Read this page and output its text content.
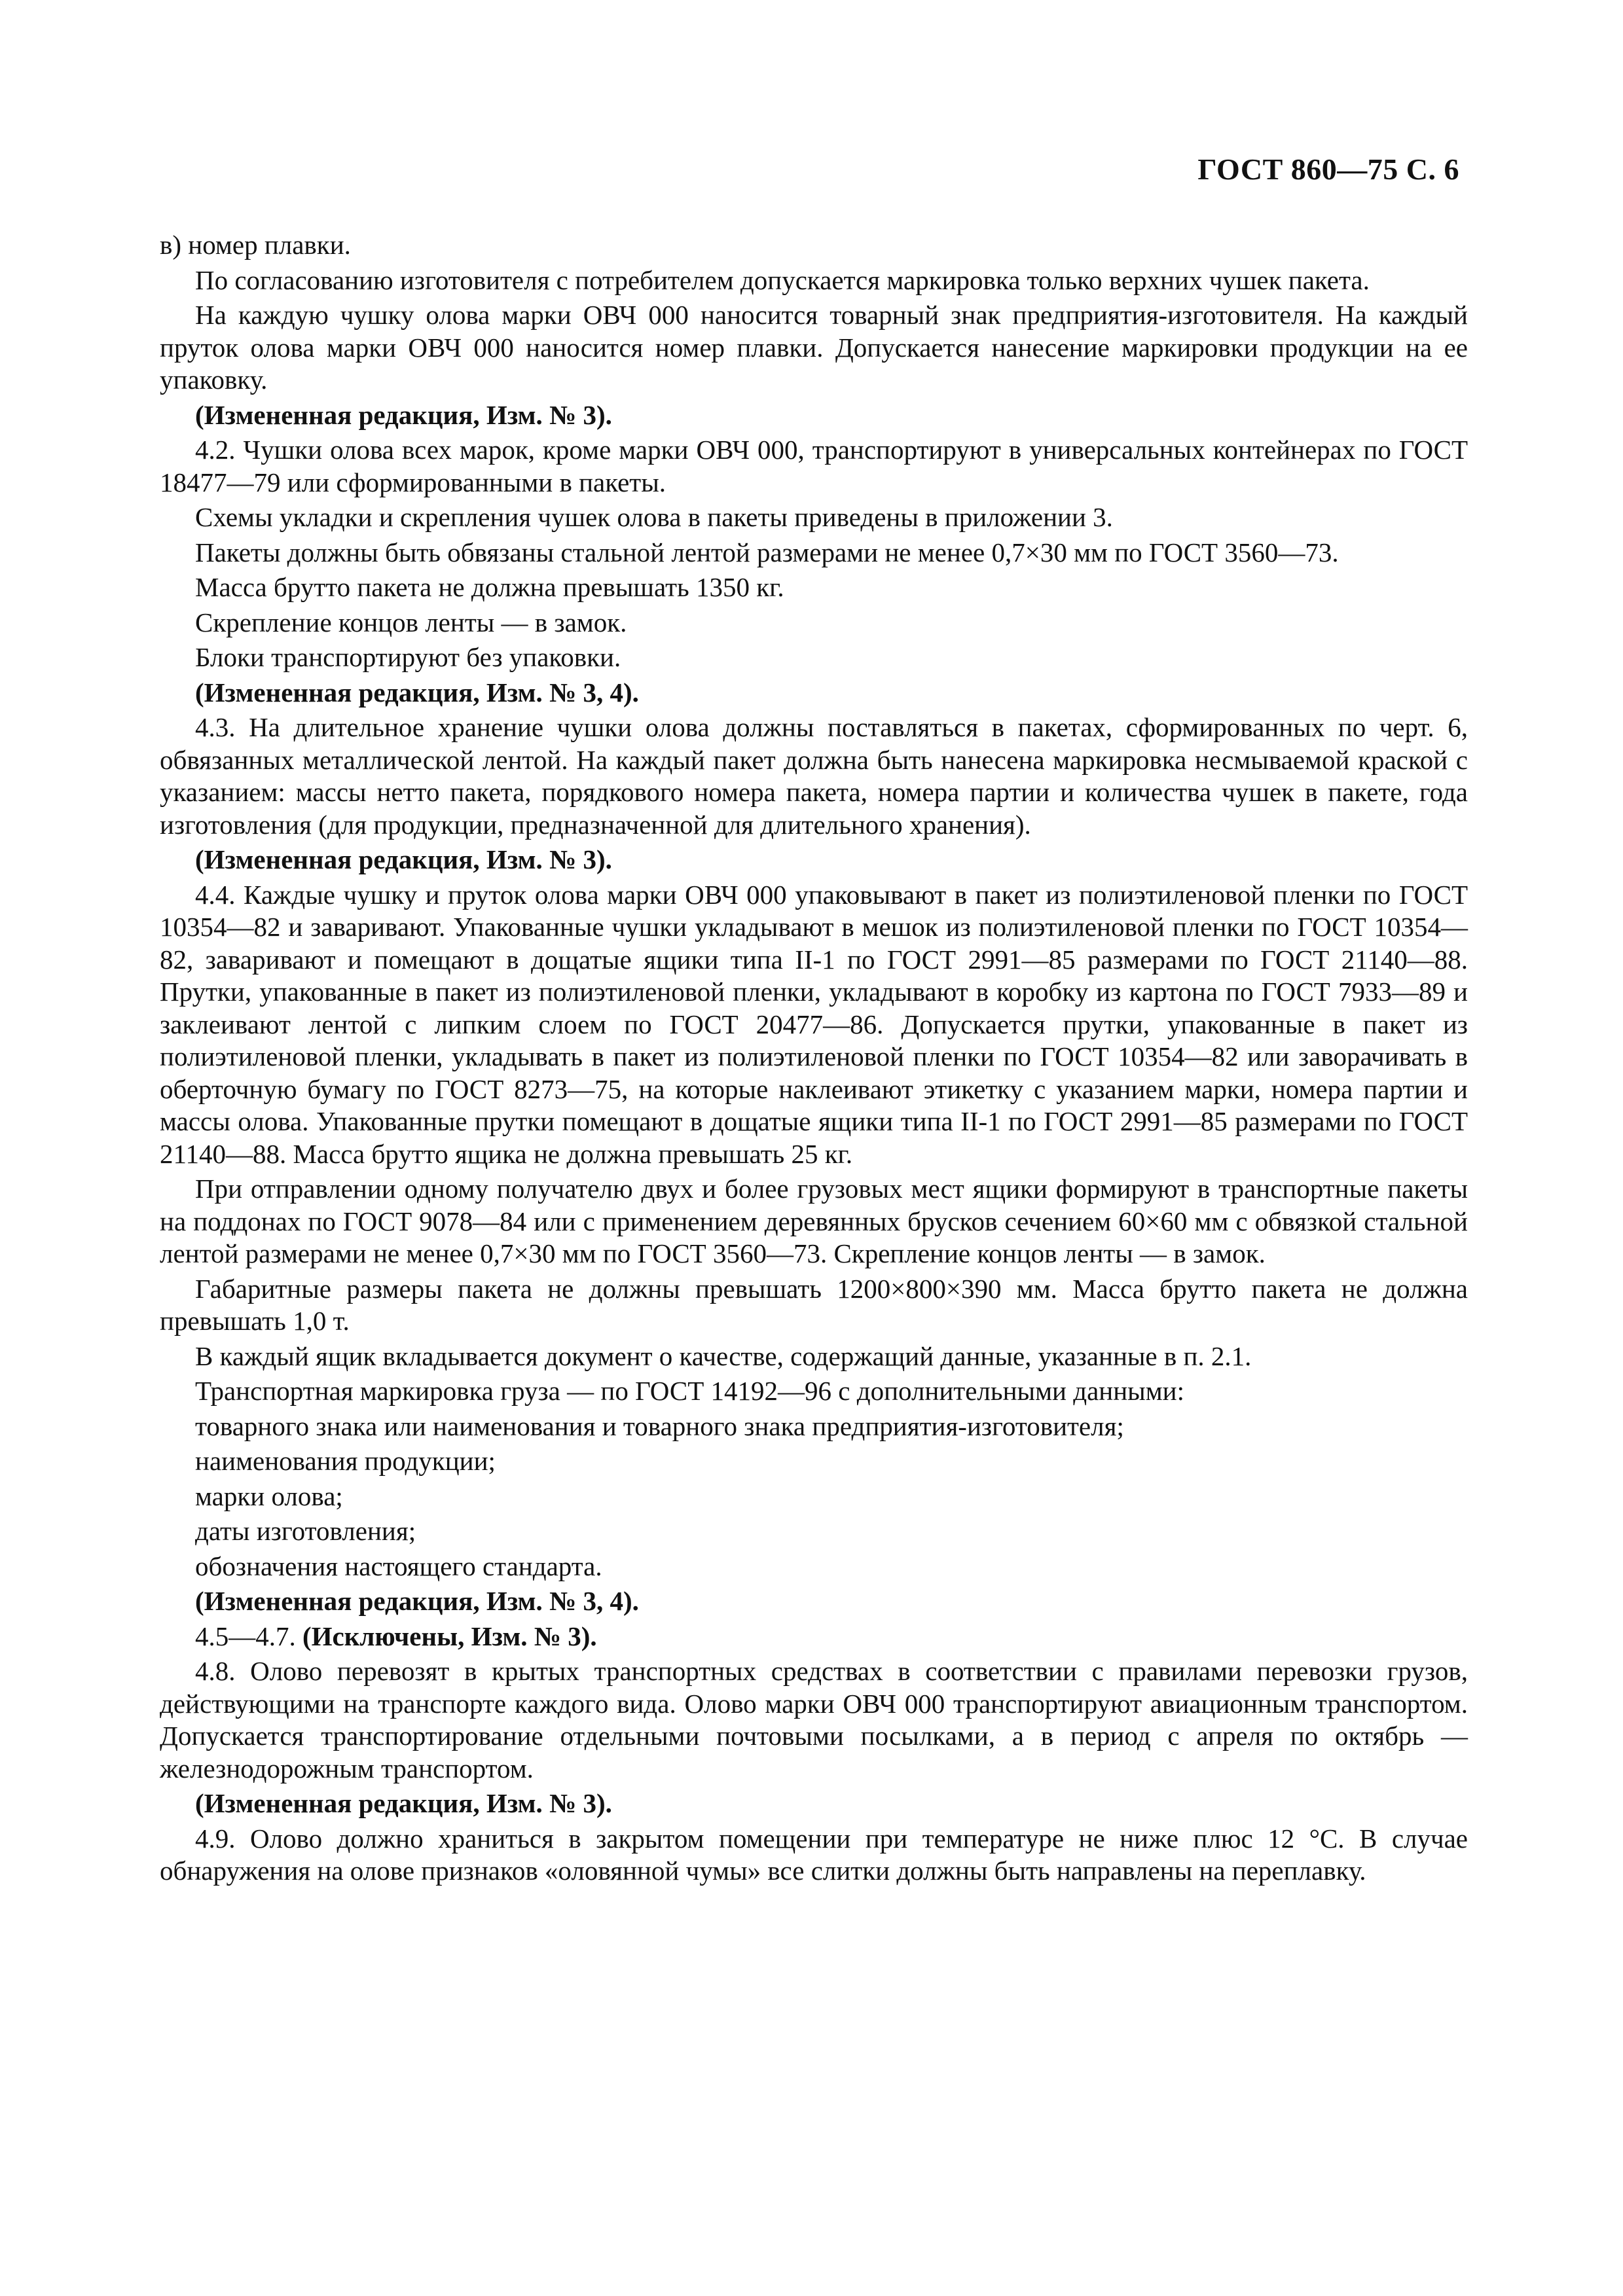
ГОСТ 860—75 С. 6

в) номер плавки.

По согласованию изготовителя с потребителем допускается маркировка только верхних чушек пакета.

На каждую чушку олова марки ОВЧ 000 наносится товарный знак предприятия-изготовителя. На каждый пруток олова марки ОВЧ 000 наносится номер плавки. Допускается нанесение маркировки продукции на ее упаковку.

(Измененная редакция, Изм. № 3).

4.2. Чушки олова всех марок, кроме марки ОВЧ 000, транспортируют в универсальных контейнерах по ГОСТ 18477—79 или сформированными в пакеты.

Схемы укладки и скрепления чушек олова в пакеты приведены в приложении 3.

Пакеты должны быть обвязаны стальной лентой размерами не менее 0,7×30 мм по ГОСТ 3560—73.

Масса брутто пакета не должна превышать 1350 кг.

Скрепление концов ленты — в замок.

Блоки транспортируют без упаковки.

(Измененная редакция, Изм. № 3, 4).

4.3. На длительное хранение чушки олова должны поставляться в пакетах, сформированных по черт. 6, обвязанных металлической лентой. На каждый пакет должна быть нанесена маркировка несмываемой краской с указанием: массы нетто пакета, порядкового номера пакета, номера партии и количества чушек в пакете, года изготовления (для продукции, предназначенной для длительного хранения).

(Измененная редакция, Изм. № 3).

4.4. Каждые чушку и пруток олова марки ОВЧ 000 упаковывают в пакет из полиэтиленовой пленки по ГОСТ 10354—82 и заваривают. Упакованные чушки укладывают в мешок из полиэтиленовой пленки по ГОСТ 10354—82, заваривают и помещают в дощатые ящики типа II-1 по ГОСТ 2991—85 размерами по ГОСТ 21140—88. Прутки, упакованные в пакет из полиэтиленовой пленки, укладывают в коробку из картона по ГОСТ 7933—89 и заклеивают лентой с липким слоем по ГОСТ 20477—86. Допускается прутки, упакованные в пакет из полиэтиленовой пленки, укладывать в пакет из полиэтиленовой пленки по ГОСТ 10354—82 или заворачивать в оберточную бумагу по ГОСТ 8273—75, на которые наклеивают этикетку с указанием марки, номера партии и массы олова. Упакованные прутки помещают в дощатые ящики типа II-1 по ГОСТ 2991—85 размерами по ГОСТ 21140—88. Масса брутто ящика не должна превышать 25 кг.

При отправлении одному получателю двух и более грузовых мест ящики формируют в транспортные пакеты на поддонах по ГОСТ 9078—84 или с применением деревянных брусков сечением 60×60 мм с обвязкой стальной лентой размерами не менее 0,7×30 мм по ГОСТ 3560—73. Скрепление концов ленты — в замок.

Габаритные размеры пакета не должны превышать 1200×800×390 мм. Масса брутто пакета не должна превышать 1,0 т.

В каждый ящик вкладывается документ о качестве, содержащий данные, указанные в п. 2.1.

Транспортная маркировка груза — по ГОСТ 14192—96 с дополнительными данными:

товарного знака или наименования и товарного знака предприятия-изготовителя;

наименования продукции;

марки олова;

даты изготовления;

обозначения настоящего стандарта.

(Измененная редакция, Изм. № 3, 4).

4.5—4.7. (Исключены, Изм. № 3).

4.8. Олово перевозят в крытых транспортных средствах в соответствии с правилами перевозки грузов, действующими на транспорте каждого вида. Олово марки ОВЧ 000 транспортируют авиационным транспортом. Допускается транспортирование отдельными почтовыми посылками, а в период с апреля по октябрь — железнодорожным транспортом.

(Измененная редакция, Изм. № 3).

4.9. Олово должно храниться в закрытом помещении при температуре не ниже плюс 12 °С. В случае обнаружения на олове признаков «оловянной чумы» все слитки должны быть направлены на переплавку.
